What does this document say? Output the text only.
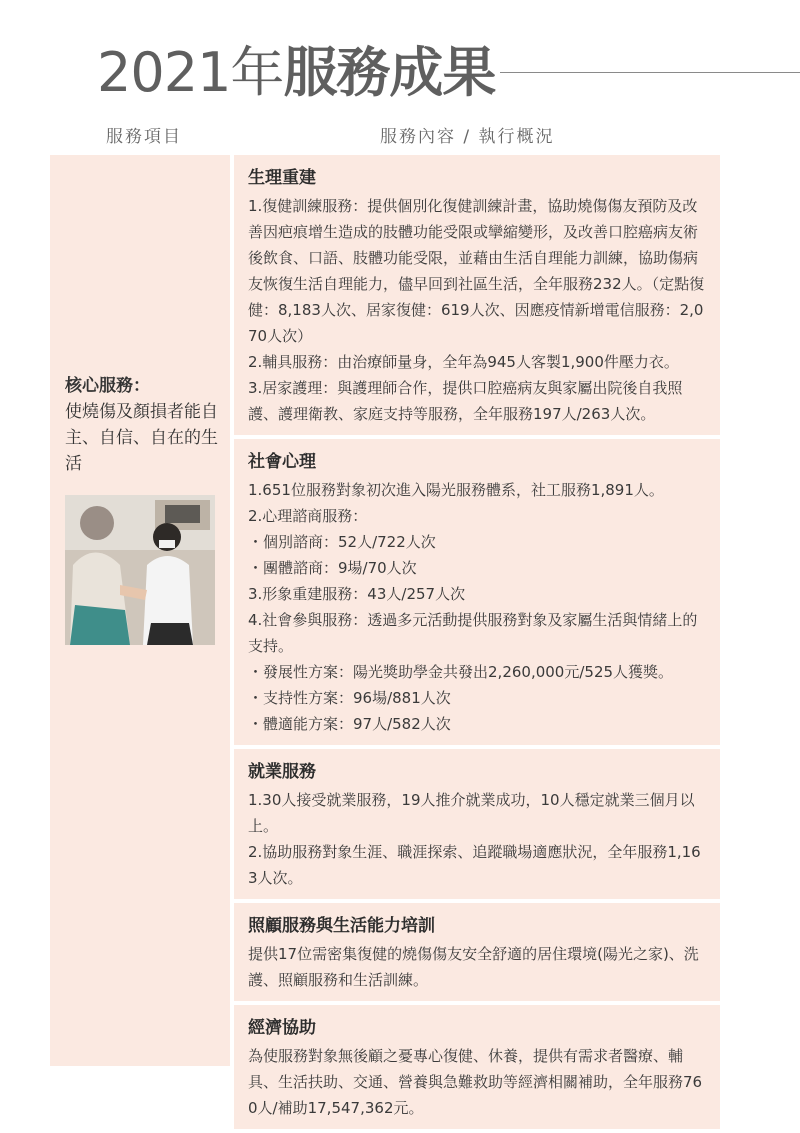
2021年服務成果
服務項目	服務內容 / 執行概況
核心服務：
使燒傷及顏損者能自主、自信、自在的生活
生理重建
1.復健訓練服務：提供個別化復健訓練計畫，協助燒傷傷友預防及改善因疤痕增生造成的肢體功能受限或攣縮變形，及改善口腔癌病友術後飲食、口語、肢體功能受限，並藉由生活自理能力訓練，協助傷病友恢復生活自理能力，儘早回到社區生活，全年服務232人。（定點復健：8,183人次、居家復健：619人次、因應疫情新增電信服務：2,070人次）
2.輔具服務：由治療師量身，全年為945人客製1,900件壓力衣。
3.居家護理：與護理師合作，提供口腔癌病友與家屬出院後自我照護、護理衛教、家庭支持等服務，全年服務197人/263人次。
社會心理
1.651位服務對象初次進入陽光服務體系，社工服務1,891人。
2.心理諮商服務：
・個別諮商：52人/722人次
・團體諮商：9場/70人次
3.形象重建服務：43人/257人次
4.社會參與服務：透過多元活動提供服務對象及家屬生活與情緒上的支持。
・發展性方案：陽光獎助學金共發出2,260,000元/525人獲獎。
・支持性方案：96場/881人次
・體適能方案：97人/582人次
就業服務
1.30人接受就業服務，19人推介就業成功，10人穩定就業三個月以上。
2.協助服務對象生涯、職涯探索、追蹤職場適應狀況，全年服務1,163人次。
照顧服務與生活能力培訓
提供17位需密集復健的燒傷傷友安全舒適的居住環境(陽光之家)、洗護、照顧服務和生活訓練。
經濟協助
為使服務對象無後顧之憂專心復健、休養，提供有需求者醫療、輔具、生活扶助、交通、營養與急難救助等經濟相關補助，全年服務760人/補助17,547,362元。
